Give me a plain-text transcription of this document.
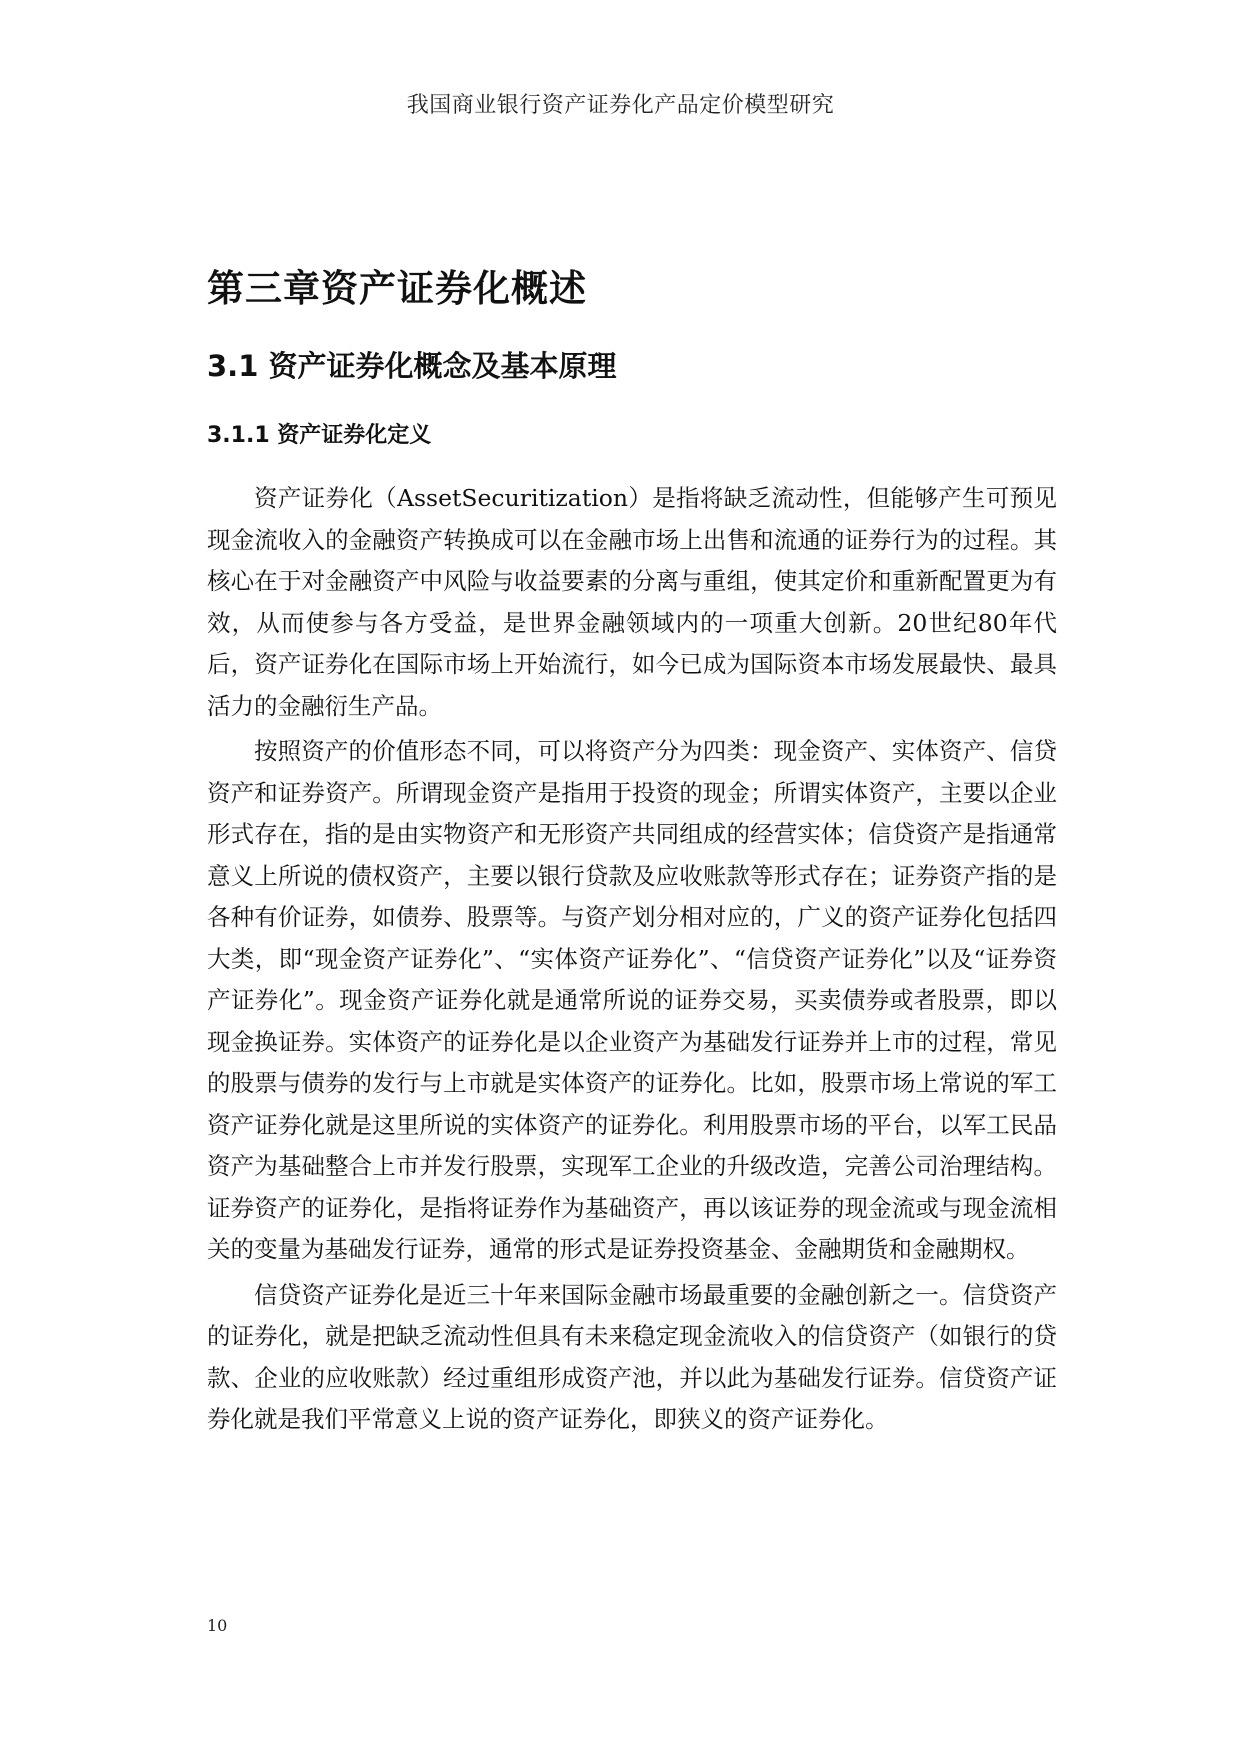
我国商业银行资产证券化产品定价模型研究
第三章资产证券化概述
3.1 资产证券化概念及基本原理
3.1.1 资产证券化定义

资产证券化（AssetSecuritization）是指将缺乏流动性，但能够产生可预见现金流收入的金融资产转换成可以在金融市场上出售和流通的证券行为的过程。其核心在于对金融资产中风险与收益要素的分离与重组，使其定价和重新配置更为有效，从而使参与各方受益，是世界金融领域内的一项重大创新。20世纪80年代后，资产证券化在国际市场上开始流行，如今已成为国际资本市场发展最快、最具活力的金融衍生产品。

按照资产的价值形态不同，可以将资产分为四类：现金资产、实体资产、信贷资产和证券资产。所谓现金资产是指用于投资的现金；所谓实体资产，主要以企业形式存在，指的是由实物资产和无形资产共同组成的经营实体；信贷资产是指通常意义上所说的债权资产，主要以银行贷款及应收账款等形式存在；证券资产指的是各种有价证券，如债券、股票等。与资产划分相对应的，广义的资产证券化包括四大类，即“现金资产证券化”、“实体资产证券化”、“信贷资产证券化”以及“证券资产证券化”。现金资产证券化就是通常所说的证券交易，买卖债券或者股票，即以现金换证券。实体资产的证券化是以企业资产为基础发行证券并上市的过程，常见的股票与债券的发行与上市就是实体资产的证券化。比如，股票市场上常说的军工资产证券化就是这里所说的实体资产的证券化。利用股票市场的平台，以军工民品资产为基础整合上市并发行股票，实现军工企业的升级改造，完善公司治理结构。证券资产的证券化，是指将证券作为基础资产，再以该证券的现金流或与现金流相关的变量为基础发行证券，通常的形式是证券投资基金、金融期货和金融期权。

信贷资产证券化是近三十年来国际金融市场最重要的金融创新之一。信贷资产的证券化，就是把缺乏流动性但具有未来稳定现金流收入的信贷资产（如银行的贷款、企业的应收账款）经过重组形成资产池，并以此为基础发行证券。信贷资产证券化就是我们平常意义上说的资产证券化，即狭义的资产证券化。

10
